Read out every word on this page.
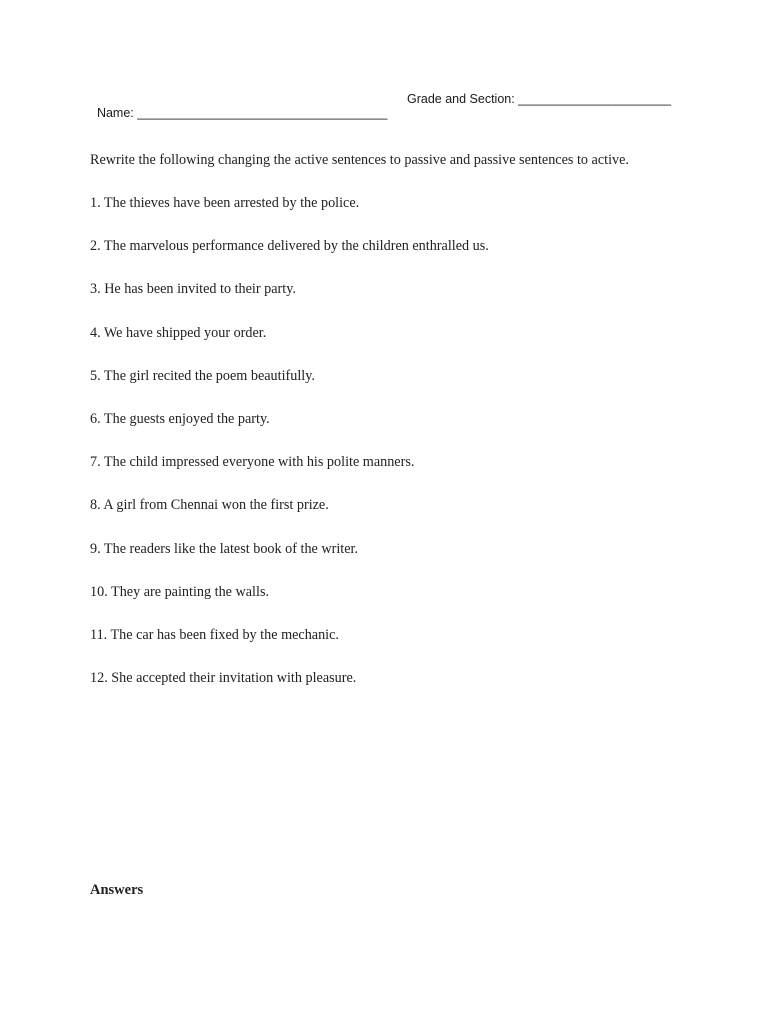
Name: ____________________________________

Grade and Section: ______________________

Rewrite the following changing the active sentences to passive and passive sentences to active.
1. The thieves have been arrested by the police.
2. The marvelous performance delivered by the children enthralled us.
3. He has been invited to their party.
4. We have shipped your order.
5. The girl recited the poem beautifully.
6. The guests enjoyed the party.
7. The child impressed everyone with his polite manners.
8. A girl from Chennai won the first prize.
9. The readers like the latest book of the writer.
10. They are painting the walls.
11. The car has been fixed by the mechanic.
12. She accepted their invitation with pleasure.
Answers
